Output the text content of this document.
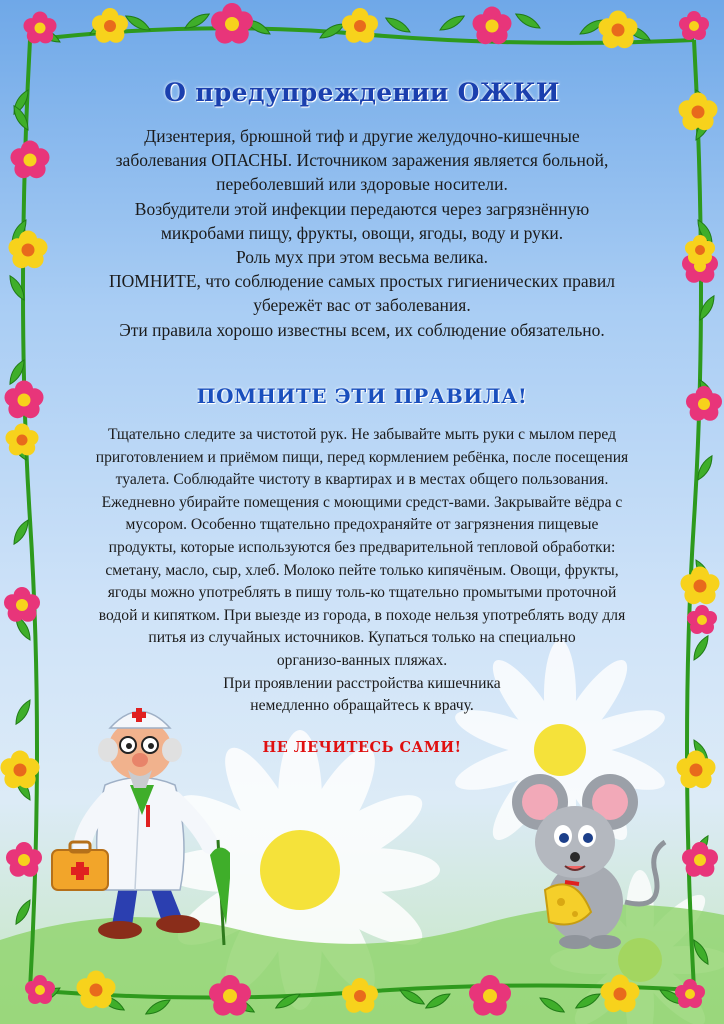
О предупреждении ОЖКИ

Дизентерия, брюшной тиф и другие желудочно-кишечные

заболевания ОПАСНЫ. Источником заражения является больной,

переболевший или здоровые носители.

Возбудители этой инфекции передаются через загрязнённую

микробами пищу, фрукты, овощи, ягоды, воду и руки.

Роль мух при этом весьма велика.

ПОМНИТЕ, что соблюдение самых простых гигиенических правил

убережёт вас от заболевания.

Эти правила хорошо известны всем, их соблюдение обязательно.

ПОМНИТЕ ЭТИ ПРАВИЛА!

Тщательно следите за чистотой рук. Не забывайте мыть руки с мылом перед

приготовлением и приёмом пищи, перед кормлением ребёнка, после посещения

туалета. Соблюдайте чистоту в квартирах и в местах общего пользования.

Ежедневно убирайте помещения с моющими средст-вами. Закрывайте вёдра с

мусором. Особенно тщательно предохраняйте от загрязнения пищевые

продукты, которые используются без предварительной тепловой обработки:

сметану, масло, сыр, хлеб. Молоко пейте только кипячёным. Овощи, фрукты,

ягоды можно употреблять в пишу толь-ко тщательно промытыми проточной

водой и кипятком. При выезде из города, в походе нельзя употреблять воду для

питья из случайных источников. Купаться только на специально

организо-ванных пляжах.

При проявлении расстройства кишечника

немедленно обращайтесь к врачу.

НЕ ЛЕЧИТЕСЬ САМИ!
